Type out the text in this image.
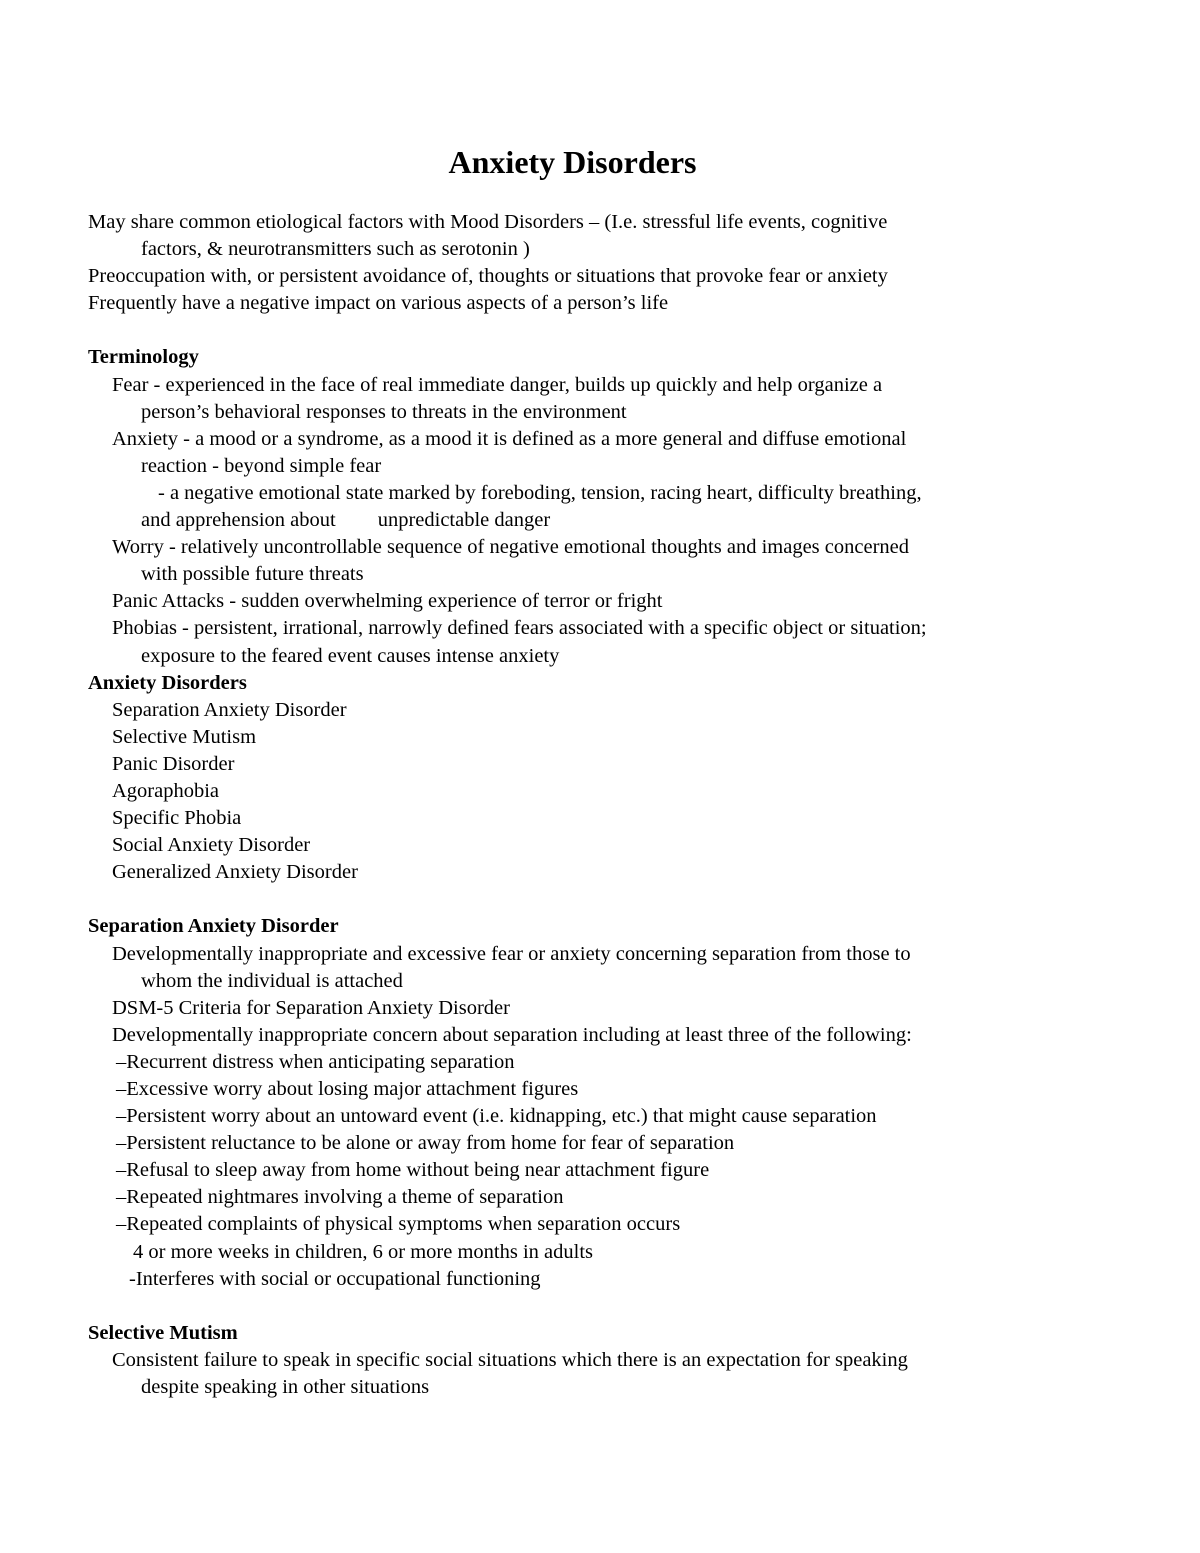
Anxiety Disorders
May share common etiological factors with Mood Disorders – (I.e. stressful life events, cognitive
factors, & neurotransmitters such as serotonin )
Preoccupation with, or persistent avoidance of, thoughts or situations that provoke fear or anxiety
Frequently have a negative impact on various aspects of a person’s life
Terminology
Fear - experienced in the face of real immediate danger, builds up quickly and help organize a
person’s behavioral responses to threats in the environment
Anxiety - a mood or a syndrome, as a mood it is defined as a more general and diffuse emotional
reaction - beyond simple fear
- a negative emotional state marked by foreboding, tension, racing heart, difficulty breathing,
and apprehension about unpredictable danger
Worry - relatively uncontrollable sequence of negative emotional thoughts and images concerned
with possible future threats
Panic Attacks - sudden overwhelming experience of terror or fright
Phobias - persistent, irrational, narrowly defined fears associated with a specific object or situation;
exposure to the feared event causes intense anxiety
Anxiety Disorders
Separation Anxiety Disorder
Selective Mutism
Panic Disorder
Agoraphobia
Specific Phobia
Social Anxiety Disorder
Generalized Anxiety Disorder
Separation Anxiety Disorder
Developmentally inappropriate and excessive fear or anxiety concerning separation from those to
whom the individual is attached
DSM-5 Criteria for Separation Anxiety Disorder
Developmentally inappropriate concern about separation including at least three of the following:
–Recurrent distress when anticipating separation
–Excessive worry about losing major attachment figures
–Persistent worry about an untoward event (i.e. kidnapping, etc.) that might cause separation
–Persistent reluctance to be alone or away from home for fear of separation
–Refusal to sleep away from home without being near attachment figure
–Repeated nightmares involving a theme of separation
–Repeated complaints of physical symptoms when separation occurs
4 or more weeks in children, 6 or more months in adults
-Interferes with social or occupational functioning
Selective Mutism
Consistent failure to speak in specific social situations which there is an expectation for speaking
despite speaking in other situations
